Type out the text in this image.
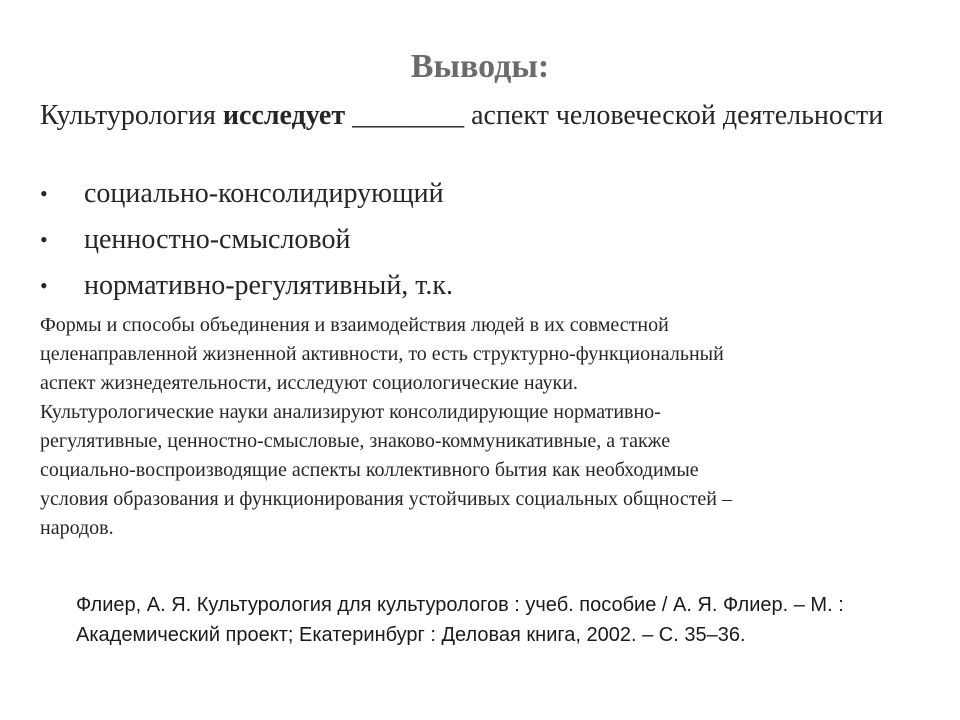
Выводы:
Культурология исследует ________ аспект человеческой деятельности
• социально-консолидирующий
• ценностно-смысловой
• нормативно-регулятивный, т.к.

Формы и способы объединения и взаимодействия людей в их совместной
целенаправленной жизненной активности, то есть структурно-функциональный
аспект жизнедеятельности, исследуют социологические науки.
Культурологические науки анализируют консолидирующие нормативно-
регулятивные, ценностно-смысловые, знаково-коммуникативные, а также
социально-воспроизводящие аспекты коллективного бытия как необходимые
условия образования и функционирования устойчивых социальных общностей –
народов.

Флиер, А. Я. Культурология для культурологов : учеб. пособие / А. Я. Флиер. – М. :
Академический проект; Екатеринбург : Деловая книга, 2002. – С. 35–36.
